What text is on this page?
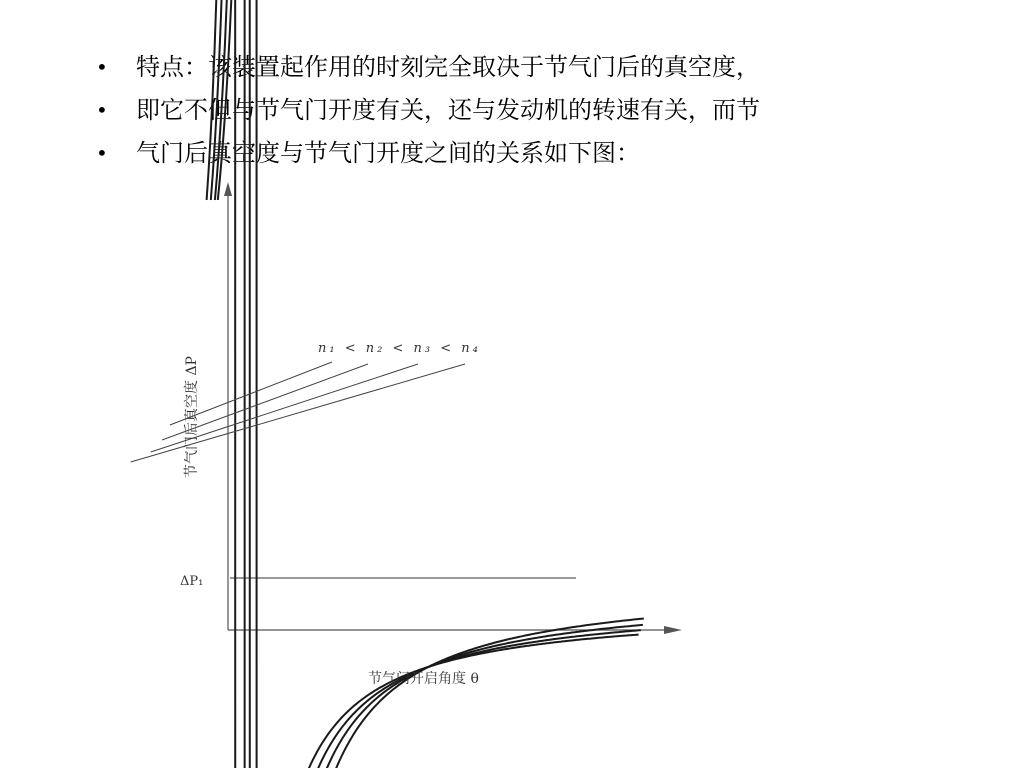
• 特点：该装置起作用的时刻完全取决于节气门后的真空度，
• 即它不但与节气门开度有关，还与发动机的转速有关，而节
• 气门后真空度与节气门开度之间的关系如下图：
ΔP₁
n₁ < n₂ < n₃ < n₄
节气门开启角度 θ
节气门后真空度 ΔP
